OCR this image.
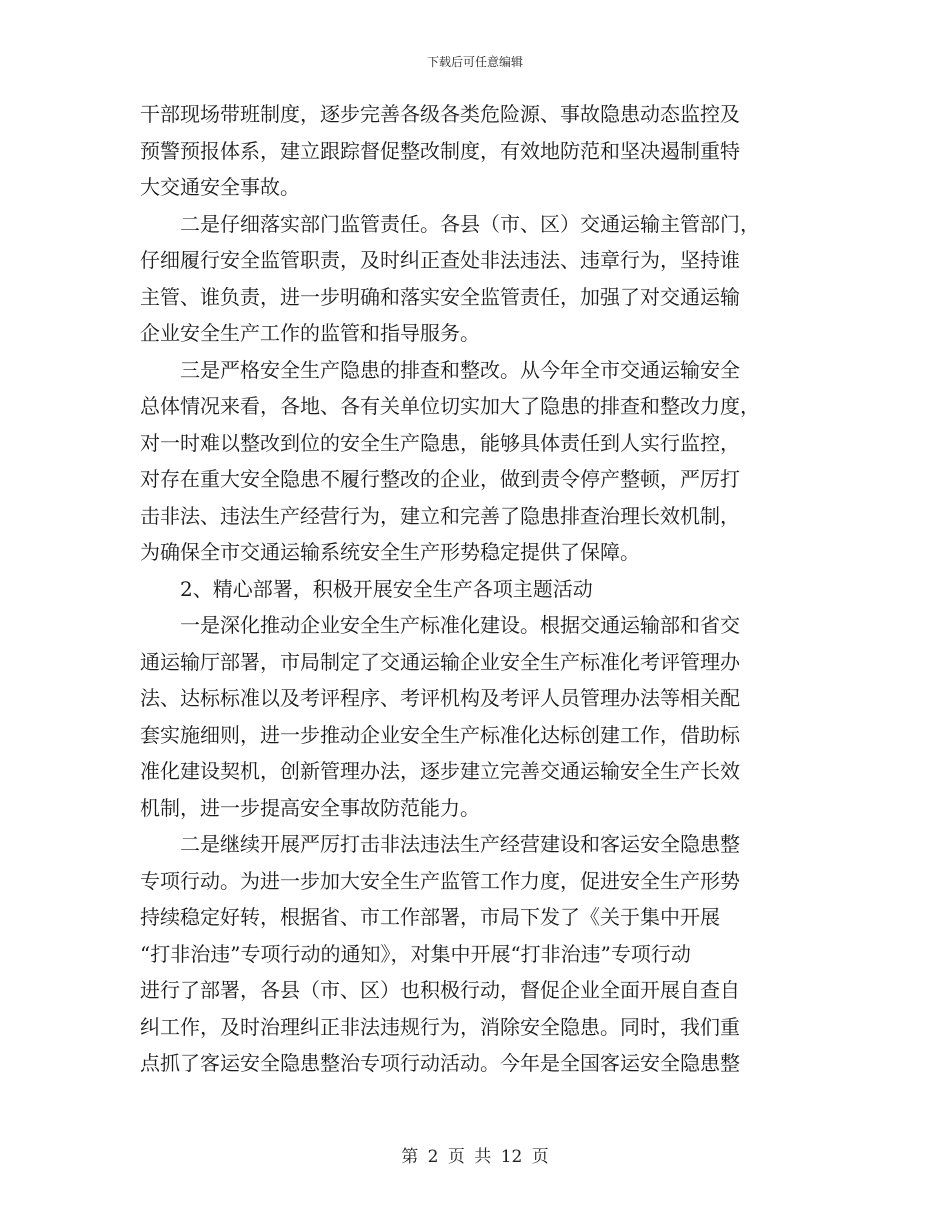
下载后可任意编辑
干部现场带班制度，逐步完善各级各类危险源、事故隐患动态监控及
预警预报体系，建立跟踪督促整改制度，有效地防范和坚决遏制重特
大交通安全事故。
二是仔细落实部门监管责任。各县（市、区）交通运输主管部门，
仔细履行安全监管职责，及时纠正查处非法违法、违章行为，坚持谁
主管、谁负责，进一步明确和落实安全监管责任，加强了对交通运输
企业安全生产工作的监管和指导服务。
三是严格安全生产隐患的排查和整改。从今年全市交通运输安全
总体情况来看，各地、各有关单位切实加大了隐患的排查和整改力度，
对一时难以整改到位的安全生产隐患，能够具体责任到人实行监控，
对存在重大安全隐患不履行整改的企业，做到责令停产整顿，严厉打
击非法、违法生产经营行为，建立和完善了隐患排查治理长效机制，
为确保全市交通运输系统安全生产形势稳定提供了保障。
2、精心部署，积极开展安全生产各项主题活动
一是深化推动企业安全生产标准化建设。根据交通运输部和省交
通运输厅部署，市局制定了交通运输企业安全生产标准化考评管理办
法、达标标准以及考评程序、考评机构及考评人员管理办法等相关配
套实施细则，进一步推动企业安全生产标准化达标创建工作，借助标
准化建设契机，创新管理办法，逐步建立完善交通运输安全生产长效
机制，进一步提高安全事故防范能力。
二是继续开展严厉打击非法违法生产经营建设和客运安全隐患整
专项行动。为进一步加大安全生产监管工作力度，促进安全生产形势
持续稳定好转，根据省、市工作部署，市局下发了《关于集中开展
“打非治违”专项行动的通知》，对集中开展“打非治违”专项行动
进行了部署，各县（市、区）也积极行动，督促企业全面开展自查自
纠工作，及时治理纠正非法违规行为，消除安全隐患。同时，我们重
点抓了客运安全隐患整治专项行动活动。今年是全国客运安全隐患整
第 2 页 共 12 页
